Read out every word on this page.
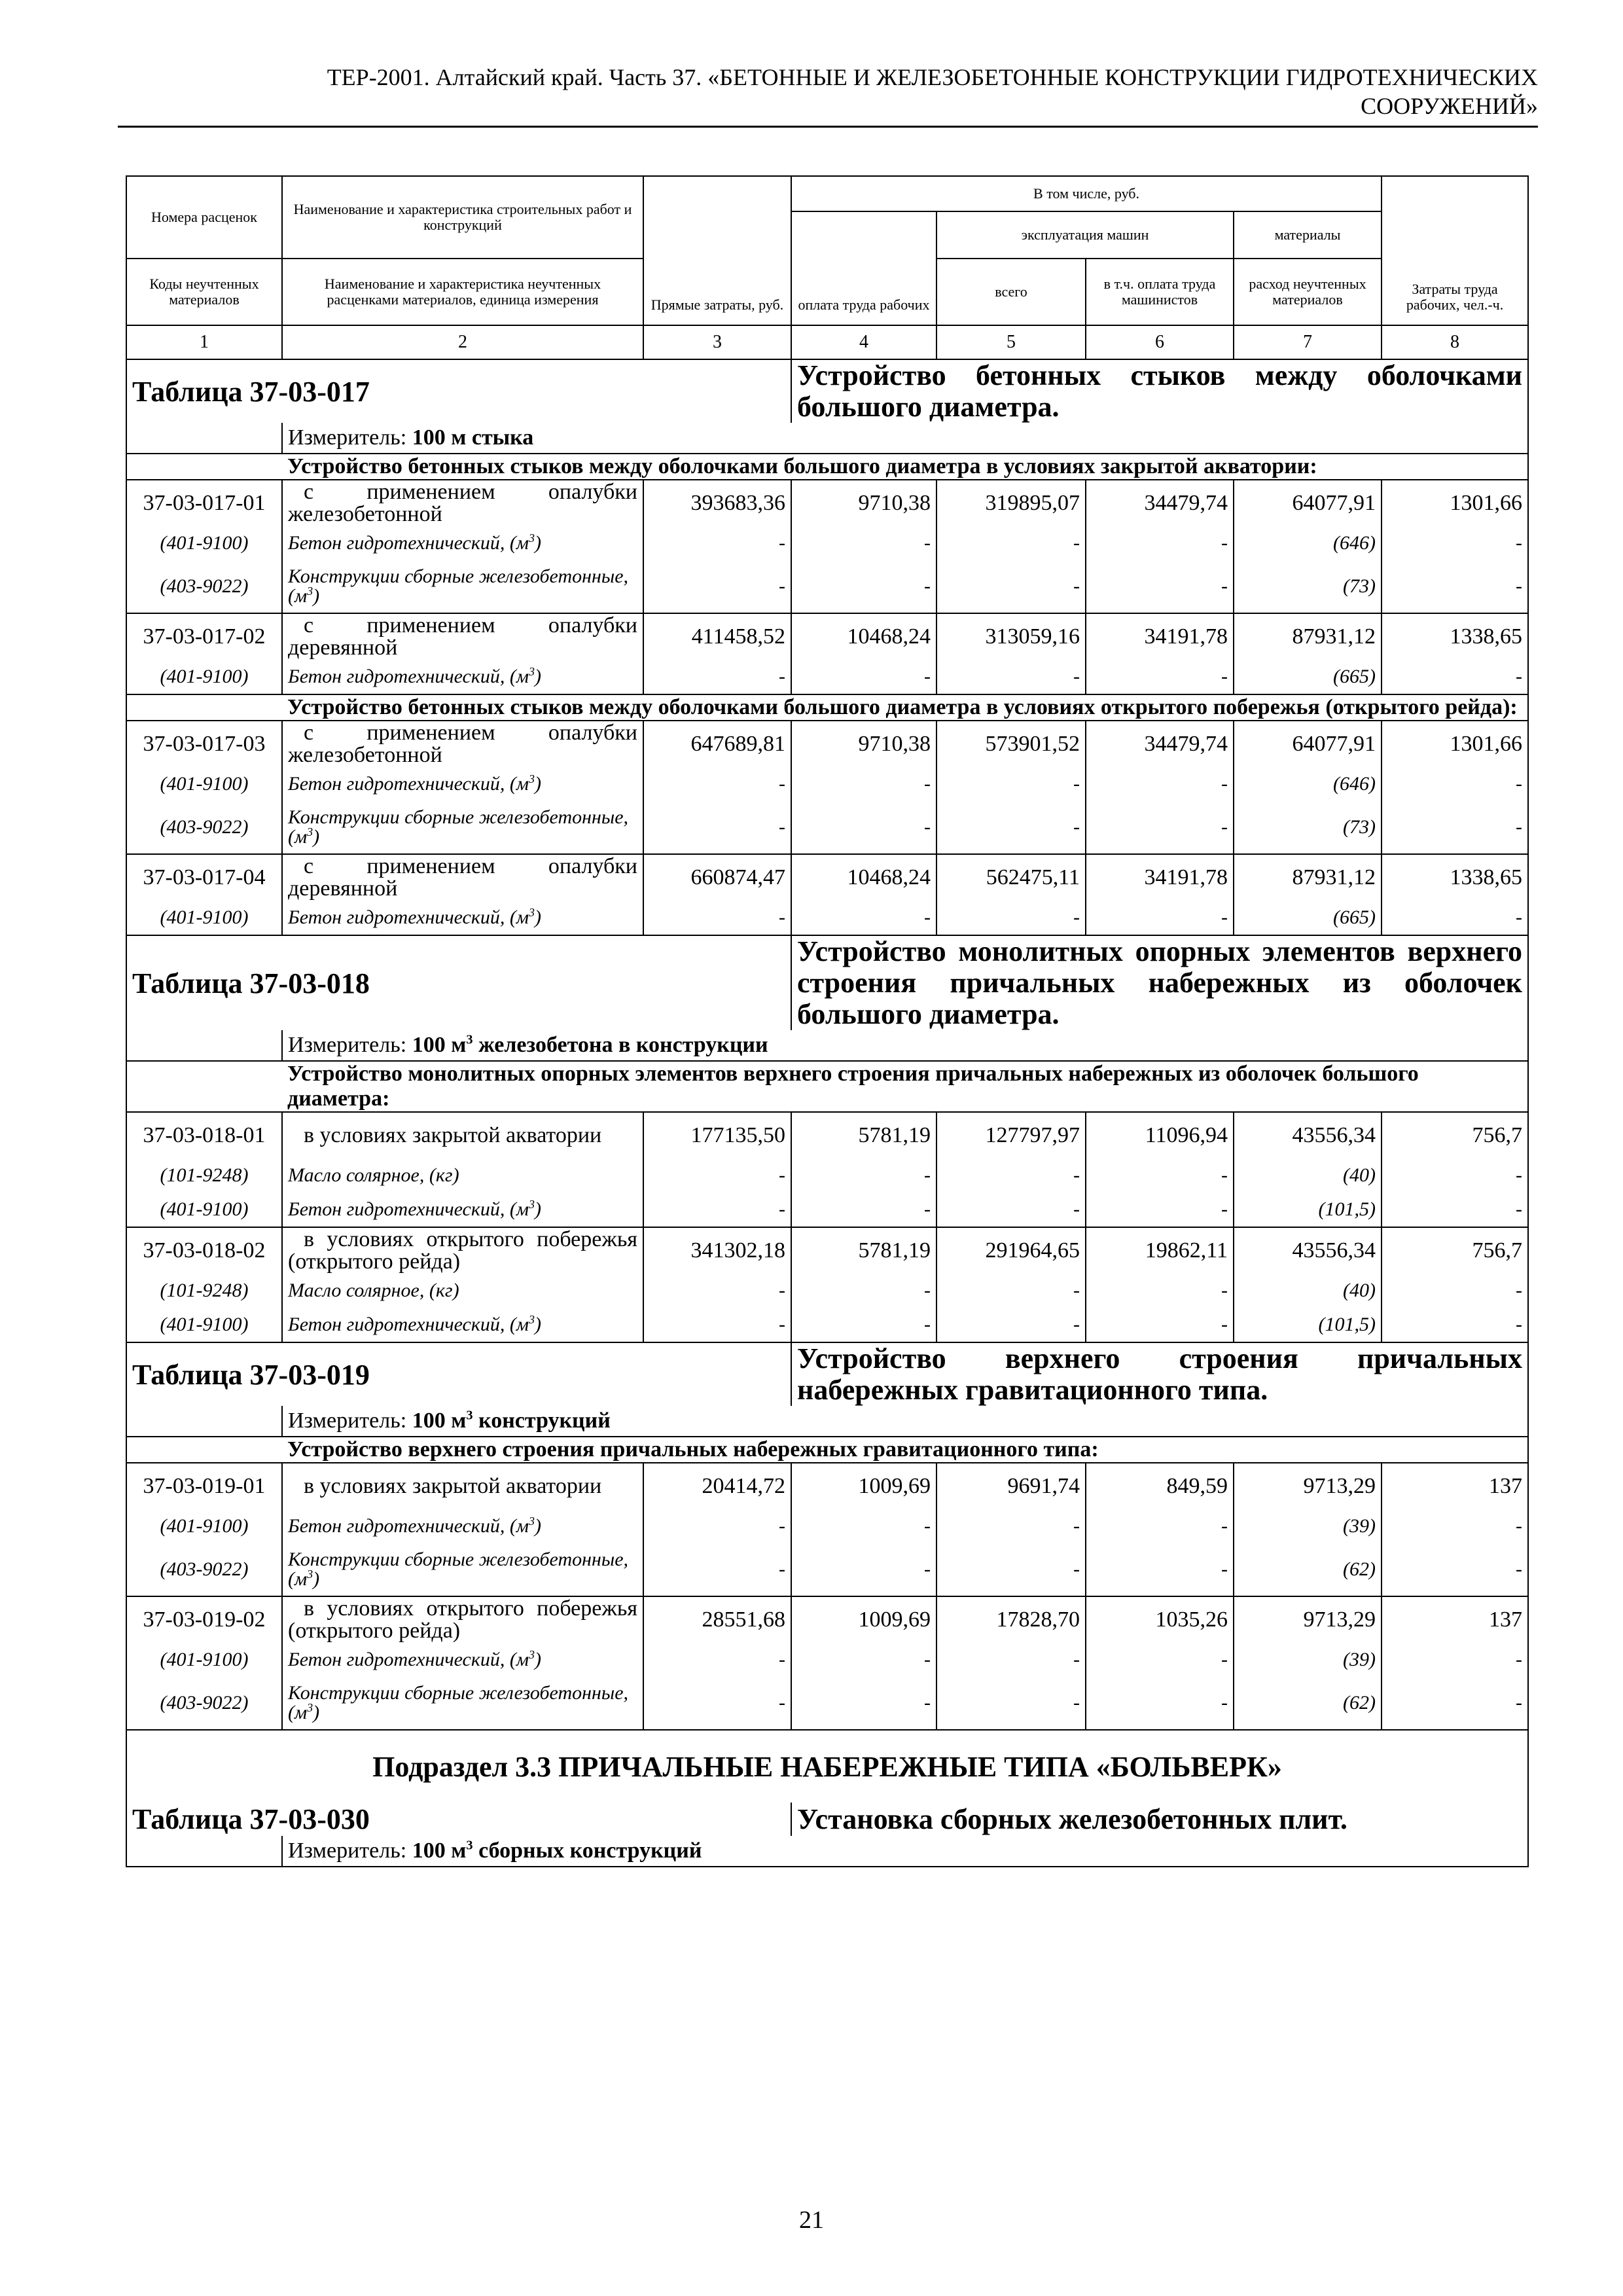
ТЕР-2001. Алтайский край. Часть 37. «БЕТОННЫЕ И ЖЕЛЕЗОБЕТОННЫЕ КОНСТРУКЦИИ ГИДРОТЕХНИЧЕСКИХ
СООРУЖЕНИЙ»
Номера расценок	Наименование и характеристика строительных работ и конструкций	Прямые затраты, руб.	В том числе, руб.				Затраты труда рабочих, чел.-ч.
			оплата труда рабочих	эксплуатация машин		материалы	
Коды неучтенных материалов	Наименование и характеристика неучтенных расценками материалов, единица измерения			всего	в т.ч. оплата труда машинистов	расход неучтенных материалов	
1	2	3	4	5	6	7	8
Таблица 37-03-017			Устройство бетонных стыков между оболочками большого диаметра.				
	Измеритель: 100 м стыка						
	Устройство бетонных стыков между оболочками большого диаметра в условиях закрытой акватории:						
37-03-017-01	с применением опалубки железобетонной	393683,36	9710,38	319895,07	34479,74	64077,91	1301,66
(401-9100)	Бетон гидротехнический, $(м^3)$	-	-	-	-	(646)	-
(403-9022)	Конструкции сборные железобетонные, $(м^3)$	-	-	-	-	(73)	-
37-03-017-02	с применением опалубки деревянной	411458,52	10468,24	313059,16	34191,78	87931,12	1338,65
(401-9100)	Бетон гидротехнический, $(м^3)$	-	-	-	-	(665)	-
	Устройство бетонных стыков между оболочками большого диаметра в условиях открытого побережья (открытого рейда):						
37-03-017-03	с применением опалубки железобетонной	647689,81	9710,38	573901,52	34479,74	64077,91	1301,66
(401-9100)	Бетон гидротехнический, $(м^3)$	-	-	-	-	(646)	-
(403-9022)	Конструкции сборные железобетонные, $(м^3)$	-	-	-	-	(73)	-
37-03-017-04	с применением опалубки деревянной	660874,47	10468,24	562475,11	34191,78	87931,12	1338,65
(401-9100)	Бетон гидротехнический, $(м^3)$	-	-	-	-	(665)	-
Таблица 37-03-018			Устройство монолитных опорных элементов верхнего строения причальных набережных из оболочек большого диаметра.				
	Измеритель: 100 $м^3$ железобетона в конструкции						
	Устройство монолитных опорных элементов верхнего строения причальных набережных из оболочек большого диаметра:						
37-03-018-01	в условиях закрытой акватории	177135,50	5781,19	127797,97	11096,94	43556,34	756,7
(101-9248)	Масло солярное, (кг)	-	-	-	-	(40)	-
(401-9100)	Бетон гидротехнический, $(м^3)$	-	-	-	-	(101,5)	-
37-03-018-02	в условиях открытого побережья (открытого рейда)	341302,18	5781,19	291964,65	19862,11	43556,34	756,7
(101-9248)	Масло солярное, (кг)	-	-	-	-	(40)	-
(401-9100)	Бетон гидротехнический, $(м^3)$	-	-	-	-	(101,5)	-
Таблица 37-03-019			Устройство верхнего строения причальных набережных гравитационного типа.				
	Измеритель: 100 $м^3$ конструкций						
	Устройство верхнего строения причальных набережных гравитационного типа:						
37-03-019-01	в условиях закрытой акватории	20414,72	1009,69	9691,74	849,59	9713,29	137
(401-9100)	Бетон гидротехнический, $(м^3)$	-	-	-	-	(39)	-
(403-9022)	Конструкции сборные железобетонные, $(м^3)$	-	-	-	-	(62)	-
37-03-019-02	в условиях открытого побережья (открытого рейда)	28551,68	1009,69	17828,70	1035,26	9713,29	137
(401-9100)	Бетон гидротехнический, $(м^3)$	-	-	-	-	(39)	-
(403-9022)	Конструкции сборные железобетонные, $(м^3)$	-	-	-	-	(62)	-
Подраздел 3.3 ПРИЧАЛЬНЫЕ НАБЕРЕЖНЫЕ ТИПА «БОЛЬВЕРК»							
Таблица 37-03-030			Установка сборных железобетонных плит.				
	Измеритель: 100 $м^3$ сборных конструкций						
21
